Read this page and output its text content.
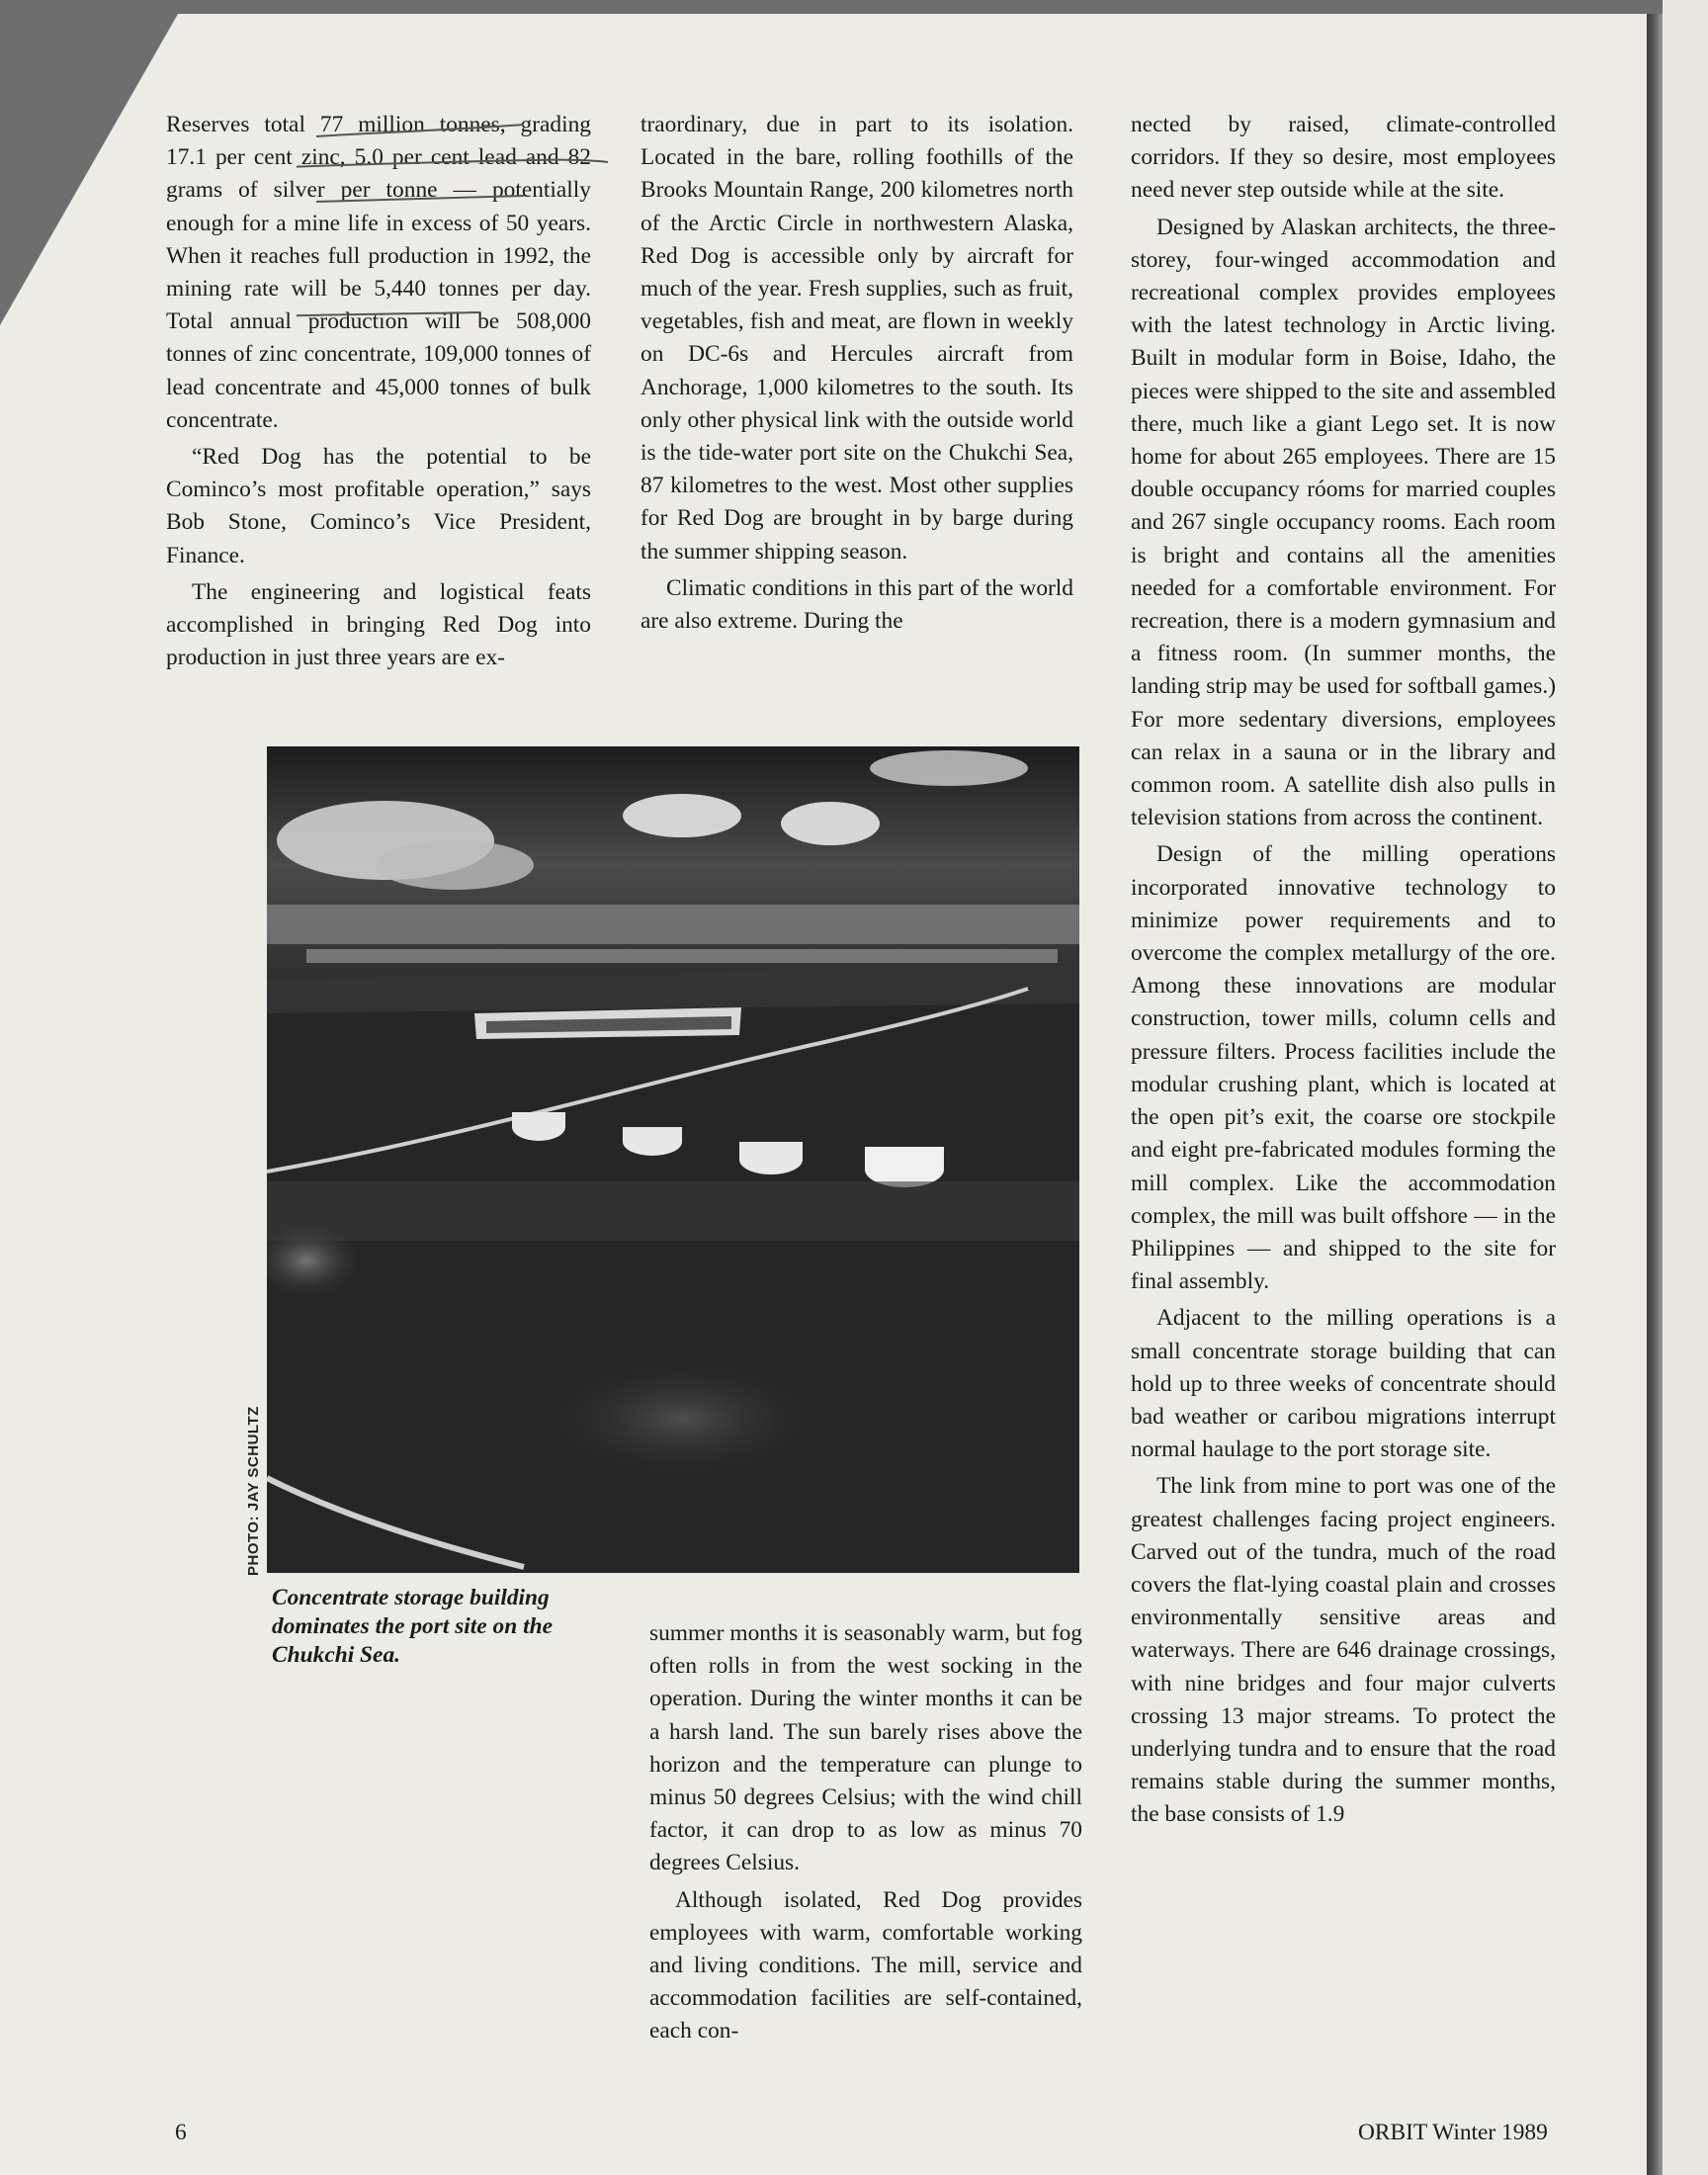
Reserves total 77 million tonnes, grading 17.1 per cent zinc, 5.0 per cent lead and 82 grams of silver per tonne — potentially enough for a mine life in excess of 50 years. When it reaches full production in 1992, the mining rate will be 5,440 tonnes per day. Total annual production will be 508,000 tonnes of zinc concentrate, 109,000 tonnes of lead concentrate and 45,000 tonnes of bulk concentrate.

“Red Dog has the potential to be Cominco’s most profitable operation,” says Bob Stone, Cominco’s Vice President, Finance.

The engineering and logistical feats accomplished in bringing Red Dog into production in just three years are ex-

traordinary, due in part to its isolation. Located in the bare, rolling foothills of the Brooks Mountain Range, 200 kilometres north of the Arctic Circle in northwestern Alaska, Red Dog is accessible only by aircraft for much of the year. Fresh supplies, such as fruit, vegetables, fish and meat, are flown in weekly on DC-6s and Hercules aircraft from Anchorage, 1,000 kilometres to the south. Its only other physical link with the outside world is the tide-water port site on the Chukchi Sea, 87 kilometres to the west. Most other supplies for Red Dog are brought in by barge during the summer shipping season.

Climatic conditions in this part of the world are also extreme. During the

summer months it is seasonably warm, but fog often rolls in from the west socking in the operation. During the winter months it can be a harsh land. The sun barely rises above the horizon and the temperature can plunge to minus 50 degrees Celsius; with the wind chill factor, it can drop to as low as minus 70 degrees Celsius.

Although isolated, Red Dog provides employees with warm, comfortable working and living conditions. The mill, service and accommodation facilities are self-contained, each con-

nected by raised, climate-controlled corridors. If they so desire, most employees need never step outside while at the site.

Designed by Alaskan architects, the three-storey, four-winged accommodation and recreational complex provides employees with the latest technology in Arctic living. Built in modular form in Boise, Idaho, the pieces were shipped to the site and assembled there, much like a giant Lego set. It is now home for about 265 employees. There are 15 double occupancy róoms for married couples and 267 single occupancy rooms. Each room is bright and contains all the amenities needed for a comfortable environment. For recreation, there is a modern gymnasium and a fitness room. (In summer months, the landing strip may be used for softball games.) For more sedentary diversions, employees can relax in a sauna or in the library and common room. A satellite dish also pulls in television stations from across the continent.

Design of the milling operations incorporated innovative technology to minimize power requirements and to overcome the complex metallurgy of the ore. Among these innovations are modular construction, tower mills, column cells and pressure filters. Process facilities include the modular crushing plant, which is located at the open pit’s exit, the coarse ore stockpile and eight pre-fabricated modules forming the mill complex. Like the accommodation complex, the mill was built offshore — in the Philippines — and shipped to the site for final assembly.

Adjacent to the milling operations is a small concentrate storage building that can hold up to three weeks of concentrate should bad weather or caribou migrations interrupt normal haulage to the port storage site.

The link from mine to port was one of the greatest challenges facing project engineers. Carved out of the tundra, much of the road covers the flat-lying coastal plain and crosses environmentally sensitive areas and waterways. There are 646 drainage crossings, with nine bridges and four major culverts crossing 13 major streams. To protect the underlying tundra and to ensure that the road remains stable during the summer months, the base consists of 1.9

PHOTO: JAY SCHULTZ
Concentrate storage building dominates the port site on the Chukchi Sea.
6	ORBIT Winter 1989
